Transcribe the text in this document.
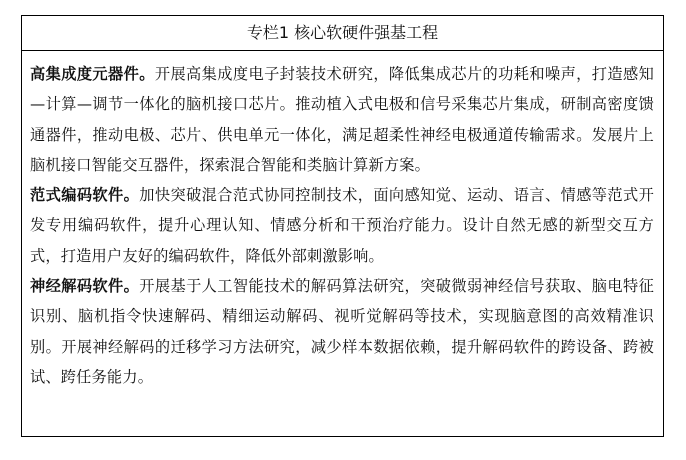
专栏1 核心软硬件强基工程

高集成度元器件。开展高集成度电子封装技术研究，降低集成芯片的功耗和噪声，打造感知—计算—调节一体化的脑机接口芯片。推动植入式电极和信号采集芯片集成，研制高密度馈通器件，推动电极、芯片、供电单元一体化，满足超柔性神经电极通道传输需求。发展片上脑机接口智能交互器件，探索混合智能和类脑计算新方案。

范式编码软件。加快突破混合范式协同控制技术，面向感知觉、运动、语言、情感等范式开发专用编码软件，提升心理认知、情感分析和干预治疗能力。设计自然无感的新型交互方式，打造用户友好的编码软件，降低外部刺激影响。

神经解码软件。开展基于人工智能技术的解码算法研究，突破微弱神经信号获取、脑电特征识别、脑机指令快速解码、精细运动解码、视听觉解码等技术，实现脑意图的高效精准识别。开展神经解码的迁移学习方法研究，减少样本数据依赖，提升解码软件的跨设备、跨被试、跨任务能力。
